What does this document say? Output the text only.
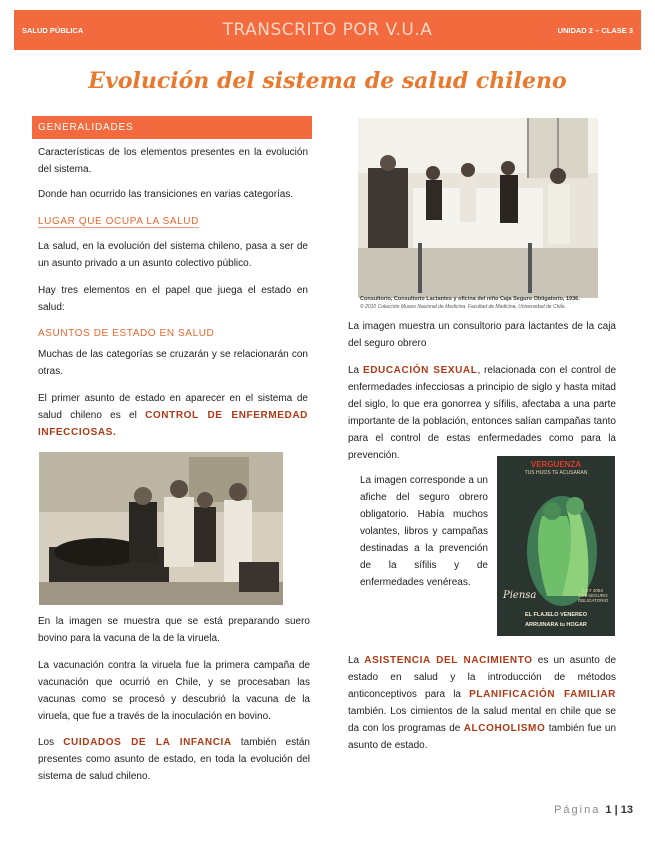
SALUD PÚBLICA	TRANSCRITO POR V.U.A	UNIDAD 2 – CLASE 3
Evolución del sistema de salud chileno
GENERALIDADES
Características de los elementos presentes en la evolución del sistema.
Donde han ocurrido las transiciones en varias categorías.
LUGAR QUE OCUPA LA SALUD
La salud, en la evolución del sistema chileno, pasa a ser de un asunto privado a un asunto colectivo público.
Hay tres elementos en el papel que juega el estado en salud:
ASUNTOS DE ESTADO EN SALUD
Muchas de las categorías se cruzarán y se relacionarán con otras.
El primer asunto de estado en aparecer en el sistema de salud chileno es el CONTROL DE ENFERMEDAD INFECCIOSAS.
En la imagen se muestra que se está preparando suero bovino para la vacuna de la de la viruela.
La vacunación contra la viruela fue la primera campaña de vacunación que ocurrió en Chile, y se procesaban las vacunas como se procesó y descubrió la vacuna de la viruela, que fue a través de la inoculación en bovino.
Los CUIDADOS DE LA INFANCIA también están presentes como asunto de estado, en toda la evolución del sistema de salud chileno.
Consultorio, Consultorio Lactantes y oficina del niño Caja Seguro Obligatorio, 1936.
© 2010 Colección Museo Nacional de Medicina. Facultad de Medicina, Universidad de Chile.
La imagen muestra un consultorio para lactantes de la caja del seguro obrero
La EDUCACIÓN SEXUAL, relacionada con el control de enfermedades infecciosas a principio de siglo y hasta mitad del siglo, lo que era gonorrea y sífilis, afectaba a una parte importante de la población, entonces salían campañas tanto para el control de estas enfermedades como para la prevención.
La imagen corresponde a un afiche del seguro obrero obligatorio. Había muchos volantes, libros y campañas destinadas a la prevención de la sífilis y de enfermedades venéreas.
VERGUENZA
TUS HIJOS TE ACUSARAN
Piensa	LEY 4054
DEL SEGURO OBLIGATORIO
EL FLAJELO VENEREO
ARRUINARA tu HOGAR
La ASISTENCIA DEL NACIMIENTO es un asunto de estado en salud y la introducción de métodos anticonceptivos para la PLANIFICACIÓN FAMILIAR también. Los cimientos de la salud mental en chile que se da con los programas de ALCOHOLISMO también fue un asunto de estado.
Página 1 | 13
